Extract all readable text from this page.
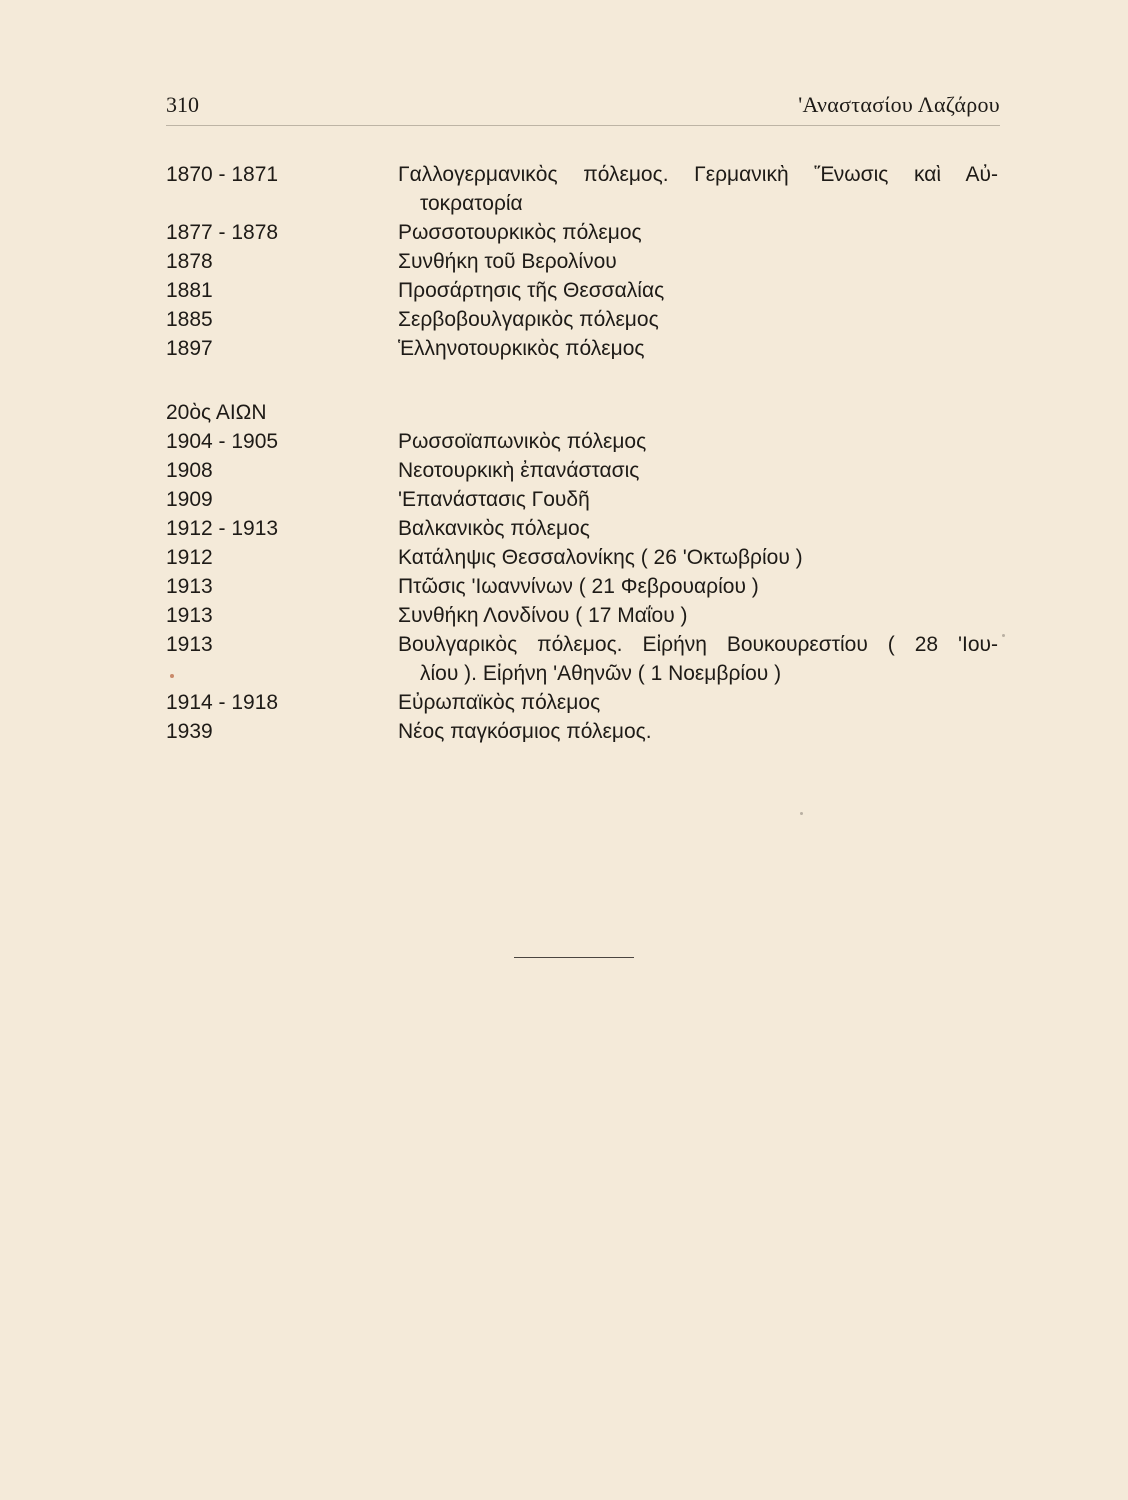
310	'Αναστασίου Λαζάρου
1870 - 1871	Γαλλογερμανικὸς πόλεμος. Γερμανικὴ Ἕνωσις καὶ Αὐ-
τοκρατορία
1877 - 1878	Ρωσσοτουρκικὸς πόλεμος
1878	Συνθήκη τοῦ Βερολίνου
1881	Προσάρτησις τῆς Θεσσαλίας
1885	Σερβοβουλγαρικὸς πόλεμος
1897	Ἑλληνοτουρκικὸς πόλεμος
20ὸς ΑΙΩΝ
1904 - 1905	Ρωσσοϊαπωνικὸς πόλεμος
1908	Νεοτουρκικὴ ἐπανάστασις
1909	'Επανάστασις Γουδῆ
1912 - 1913	Βαλκανικὸς πόλεμος
1912	Κατάληψις Θεσσαλονίκης ( 26 'Οκτωβρίου )
1913	Πτῶσις 'Ιωαννίνων ( 21 Φεβρουαρίου )
1913	Συνθήκη Λονδίνου ( 17 Μαΐου )
1913	Βουλγαρικὸς πόλεμος. Εἰρήνη Βουκουρεστίου ( 28 'Ιου-
λίου ). Εἰρήνη 'Αθηνῶν ( 1 Νοεμβρίου )
1914 - 1918	Εὐρωπαϊκὸς πόλεμος
1939	Νέος παγκόσμιος πόλεμος.
